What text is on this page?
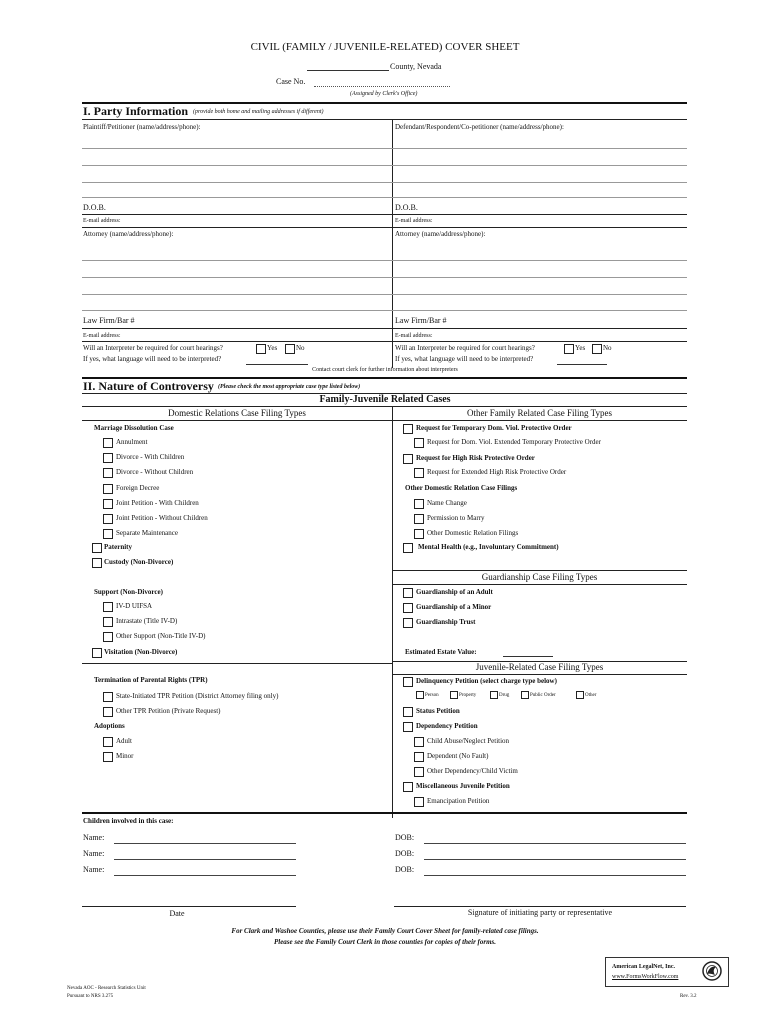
CIVIL (FAMILY / JUVENILE-RELATED) COVER SHEET
County, Nevada
Case No.
(Assigned by Clerk's Office)
I. Party Information (provide both home and mailing addresses if different)
Plaintiff/Petitioner (name/address/phone):	Defendant/Respondent/Co-petitioner (name/address/phone):
D.O.B.	D.O.B.
E-mail address:	E-mail address:
Attorney (name/address/phone):	Attorney (name/address/phone):
Law Firm/Bar #	Law Firm/Bar #
E-mail address:	E-mail address:
Will an Interpreter be required for court hearings?	Yes	No	Will an Interpreter be required for court hearings?	Yes	No
If yes, what language will need to be interpreted?	If yes, what language will need to be interpreted?
Contact court clerk for further information about interpreters
II. Nature of Controversy (Please check the most appropriate case type listed below)
Family-Juvenile Related Cases
Domestic Relations Case Filing Types	Other Family Related Case Filing Types
Marriage Dissolution Case
Annulment
Divorce - With Children
Divorce - Without Children
Foreign Decree
Joint Petition - With Children
Joint Petition - Without Children
Separate Maintenance
Paternity
Custody (Non-Divorce)
Support (Non-Divorce)
IV-D UIFSA
Intrastate (Title IV-D)
Other Support (Non-Title IV-D)
Visitation (Non-Divorce)
Termination of Parental Rights (TPR)
State-Initiated TPR Petition (District Attorney filing only)
Other TPR Petition (Private Request)
Adoptions
Adult
Minor
Request for Temporary Dom. Viol. Protective Order
Request for Dom. Viol. Extended Temporary Protective Order
Request for High Risk Protective Order
Request for Extended High Risk Protective Order
Other Domestic Relation Case Filings
Name Change
Permission to Marry
Other Domestic Relation Filings
Mental Health (e.g., Involuntary Commitment)
Guardianship Case Filing Types
Guardianship of an Adult
Guardianship of a Minor
Guardianship Trust
Estimated Estate Value:
Juvenile-Related Case Filing Types
Delinquency Petition (select charge type below)
Person	Property	Drug	Public Order	Other
Status Petition
Dependency Petition
Child Abuse/Neglect Petition
Dependent (No Fault)
Other Dependency/Child Victim
Miscellaneous Juvenile Petition
Emancipation Petition
Children involved in this case:
Name:	DOB:
Name:	DOB:
Name:	DOB:
Date	Signature of initiating party or representative
For Clark and Washoe Counties, please use their Family Court Cover Sheet for family-related case filings.
Please see the Family Court Clerk in those counties for copies of their forms.
American LegalNet, Inc.
www.FormsWorkFlow.com
Nevada AOC - Research Statistics Unit
Pursuant to NRS 3.275	Rev. 3.2
